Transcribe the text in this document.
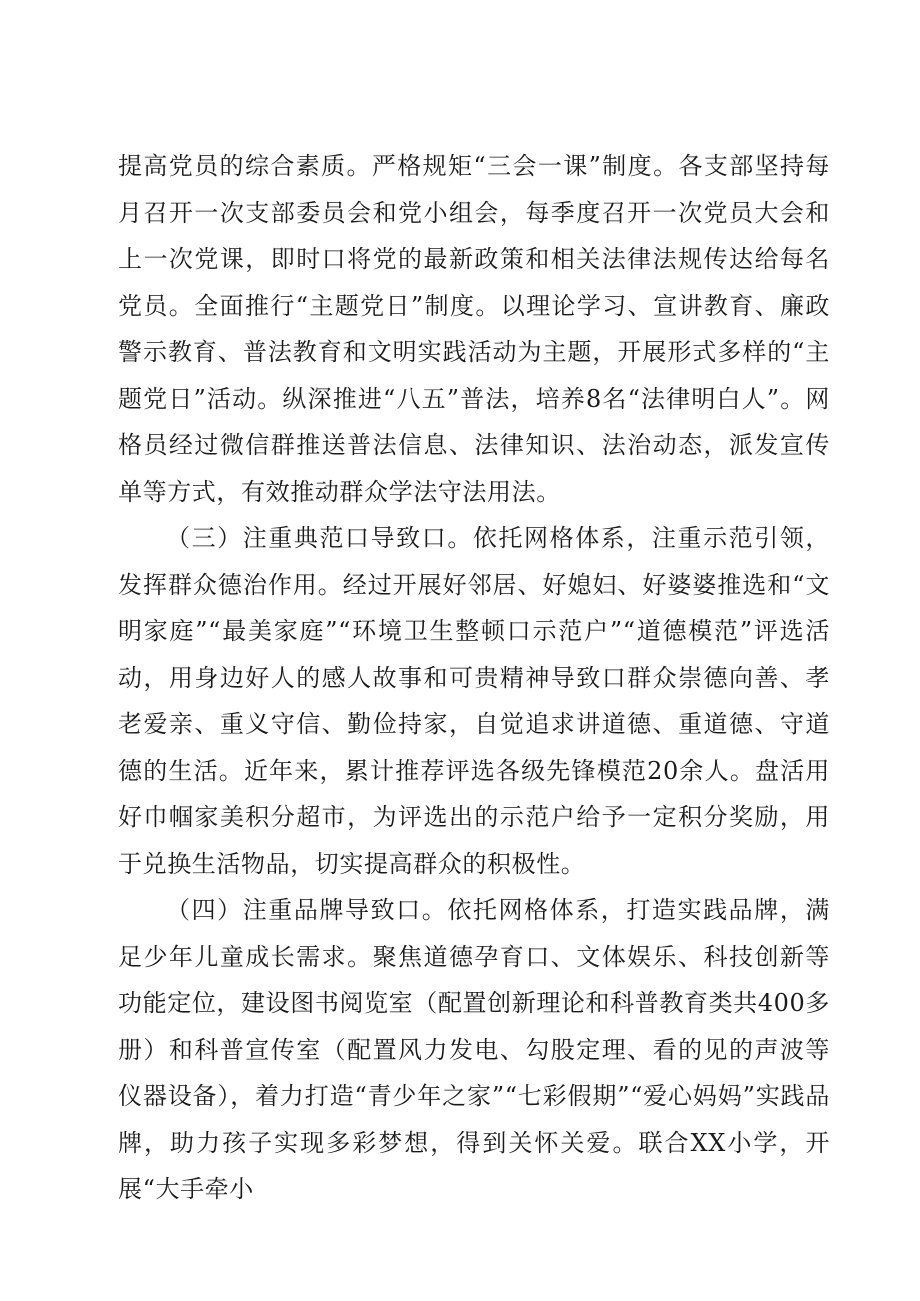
提高党员的综合素质。严格规矩“三会一课”制度。各支部坚持每月召开一次支部委员会和党小组会，每季度召开一次党员大会和上一次党课，即时口将党的最新政策和相关法律法规传达给每名党员。全面推行“主题党日”制度。以理论学习、宣讲教育、廉政警示教育、普法教育和文明实践活动为主题，开展形式多样的“主题党日”活动。纵深推进“八五”普法，培养8名“法律明白人”。网格员经过微信群推送普法信息、法律知识、法治动态，派发宣传单等方式，有效推动群众学法守法用法。

（三）注重典范口导致口。依托网格体系，注重示范引领，发挥群众德治作用。经过开展好邻居、好媳妇、好婆婆推选和“文明家庭”“最美家庭”“环境卫生整顿口示范户”“道德模范”评选活动，用身边好人的感人故事和可贵精神导致口群众崇德向善、孝老爱亲、重义守信、勤俭持家，自觉追求讲道德、重道德、守道德的生活。近年来，累计推荐评选各级先锋模范20余人。盘活用好巾帼家美积分超市，为评选出的示范户给予一定积分奖励，用于兑换生活物品，切实提高群众的积极性。

（四）注重品牌导致口。依托网格体系，打造实践品牌，满足少年儿童成长需求。聚焦道德孕育口、文体娱乐、科技创新等功能定位，建设图书阅览室（配置创新理论和科普教育类共400多册）和科普宣传室（配置风力发电、勾股定理、看的见的声波等仪器设备），着力打造“青少年之家”“七彩假期”“爱心妈妈”实践品牌，助力孩子实现多彩梦想，得到关怀关爱。联合XX小学，开展“大手牵小
